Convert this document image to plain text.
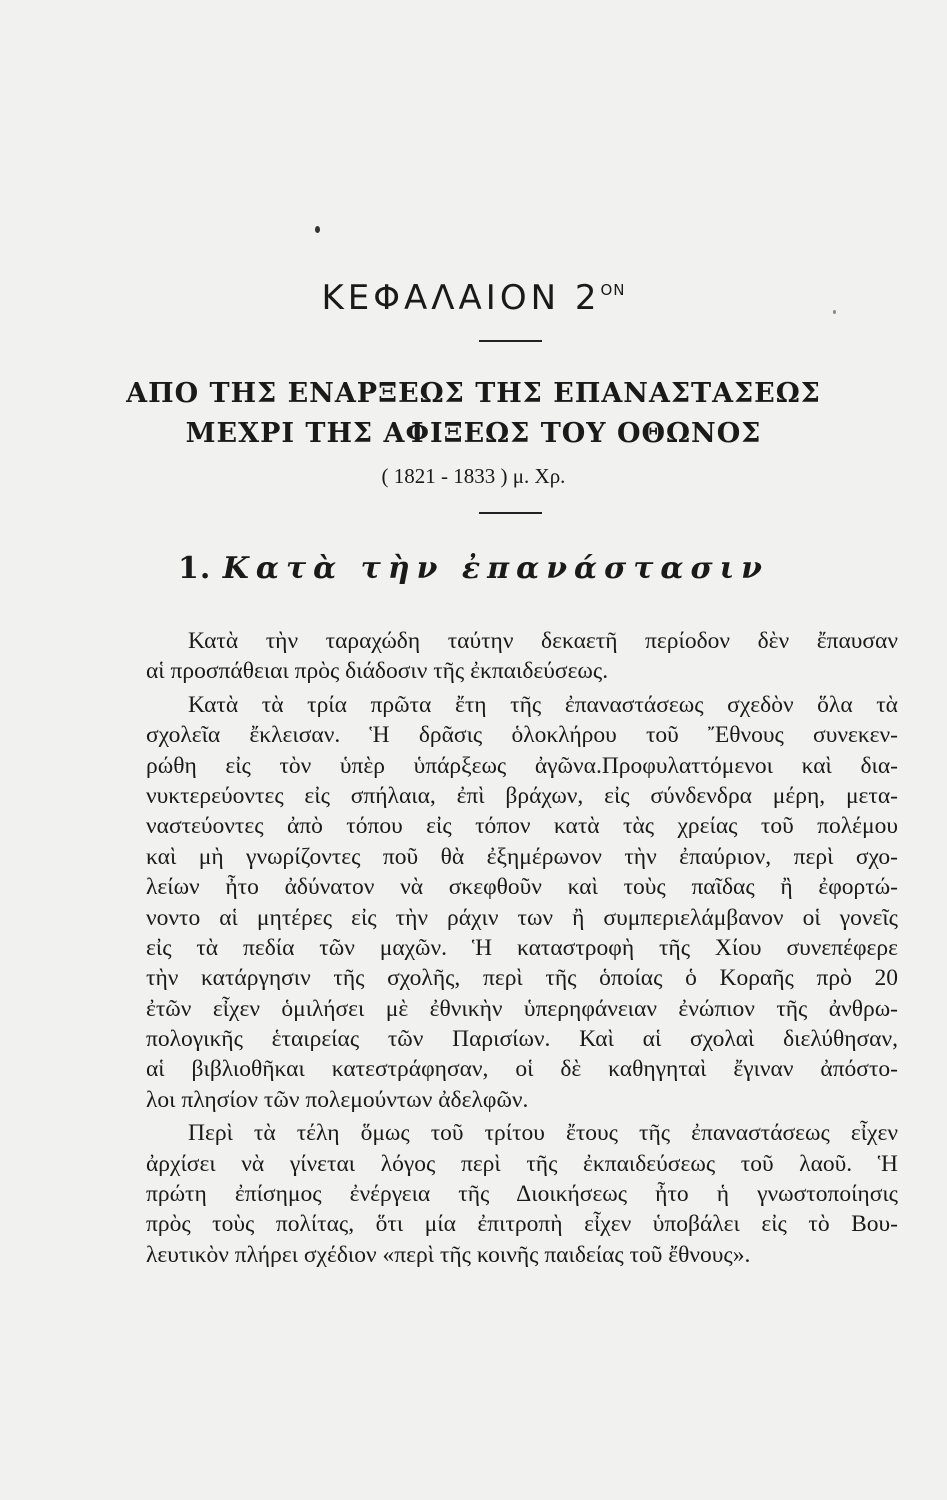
ΚΕΦΑΛΑΙΟΝ $2^{ON}$
ΑΠΟ ΤΗΣ ΕΝΑΡΞΕΩΣ ΤΗΣ ΕΠΑΝΑΣΤΑΣΕΩΣ
ΜΕΧΡΙ ΤΗΣ ΑΦΙΞΕΩΣ ΤΟΥ ΟΘΩΝΟΣ
( 1821 - 1833 ) μ. Χρ.
1. Κατὰ τὴν ἐπανάστασιν
Κατὰ τὴν ταραχώδη ταύτην δεκαετῆ περίοδον δὲν ἔπαυσαν
αἱ προσπάθειαι πρὸς διάδοσιν τῆς ἐκπαιδεύσεως.
Κατὰ τὰ τρία πρῶτα ἔτη τῆς ἐπαναστάσεως σχεδὸν ὅλα τὰ
σχολεῖα ἔκλεισαν. Ἡ δρᾶσις ὁλοκλήρου τοῦ Ἔθνους συνεκεν-
ρώθη εἰς τὸν ὑπὲρ ὑπάρξεως ἀγῶνα.Προφυλαττόμενοι καὶ δια-
νυκτερεύοντες εἰς σπήλαια, ἐπὶ βράχων, εἰς σύνδενδρα μέρη, μετα-
ναστεύοντες ἀπὸ τόπου εἰς τόπον κατὰ τὰς χρείας τοῦ πολέμου
καὶ μὴ γνωρίζοντες ποῦ θὰ ἐξημέρωνον τὴν ἐπαύριον, περὶ σχο-
λείων ἦτο ἀδύνατον νὰ σκεφθοῦν καὶ τοὺς παῖδας ἢ ἐφορτώ-
νοντο αἱ μητέρες εἰς τὴν ράχιν των ἢ συμπεριελάμβανον οἱ γονεῖς
εἰς τὰ πεδία τῶν μαχῶν. Ἡ καταστροφὴ τῆς Χίου συνεπέφερε
τὴν κατάργησιν τῆς σχολῆς, περὶ τῆς ὁποίας ὁ Κοραῆς πρὸ 20
ἐτῶν εἶχεν ὁμιλήσει μὲ ἐθνικὴν ὑπερηφάνειαν ἐνώπιον τῆς ἀνθρω-
πολογικῆς ἑταιρείας τῶν Παρισίων. Καὶ αἱ σχολαὶ διελύθησαν,
αἱ βιβλιοθῆκαι κατεστράφησαν, οἱ δὲ καθηγηταὶ ἔγιναν ἀπόστο-
λοι πλησίον τῶν πολεμούντων ἀδελφῶν.
Περὶ τὰ τέλη ὅμως τοῦ τρίτου ἔτους τῆς ἐπαναστάσεως εἶχεν
ἀρχίσει νὰ γίνεται λόγος περὶ τῆς ἐκπαιδεύσεως τοῦ λαοῦ. Ἡ
πρώτη ἐπίσημος ἐνέργεια τῆς Διοικήσεως ἦτο ἡ γνωστοποίησις
πρὸς τοὺς πολίτας, ὅτι μία ἐπιτροπὴ εἶχεν ὑποβάλει εἰς τὸ Βου-
λευτικὸν πλήρει σχέδιον «περὶ τῆς κοινῆς παιδείας τοῦ ἔθνους».
